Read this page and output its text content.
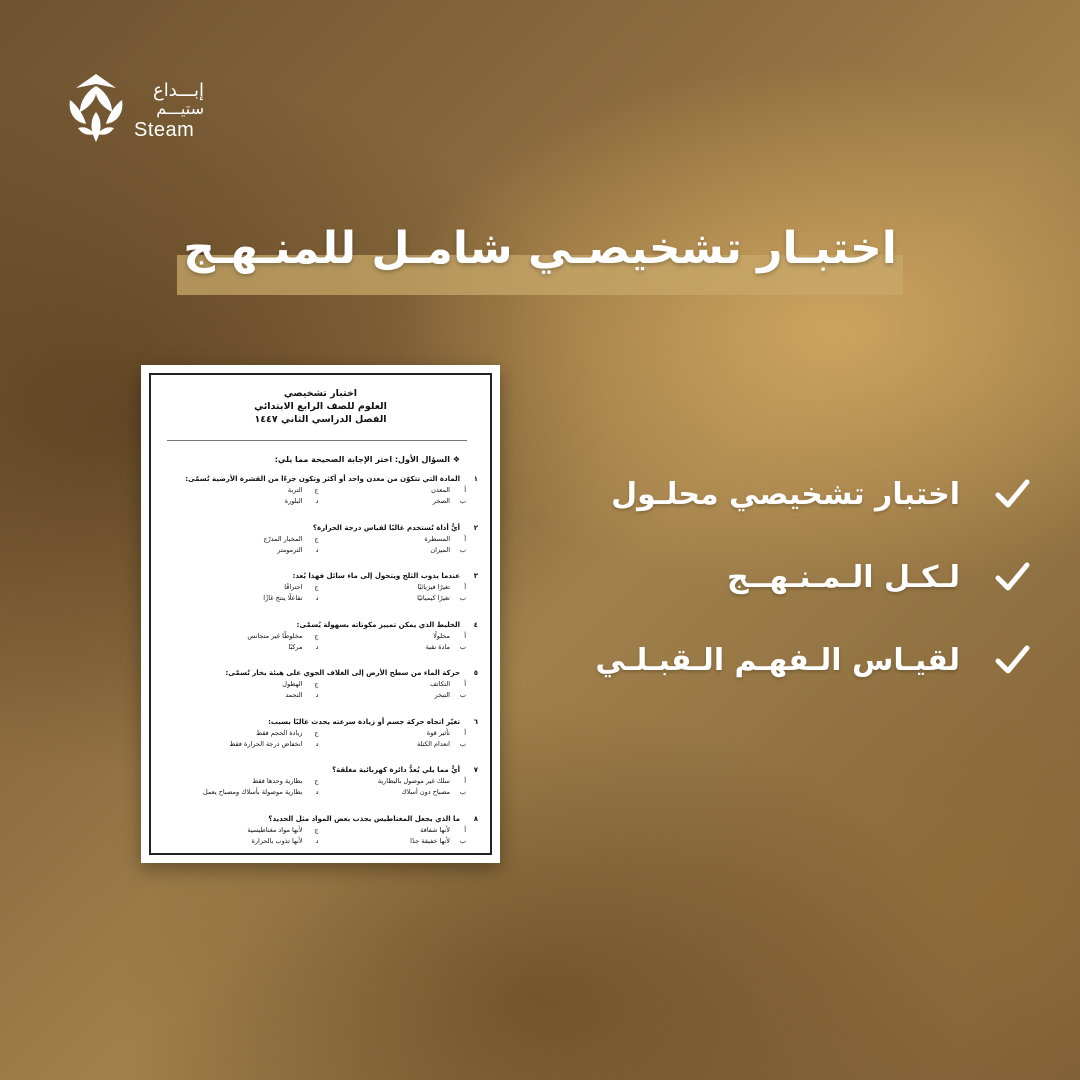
إبـــداع
ستيـــم
Steam
اختبـار تشخيصـي شامـل للمنـهـج
اختبار تشخيصي
العلوم للصف الرابع الابتدائي
الفصل الدراسي الثاني ١٤٤٧
❖ السؤال الأول: اختر الإجابة الصحيحة مما يلي:
١المادة التي تتكوّن من معدن واحد أو أكثر وتكون جزءًا من القشرة الأرضية تُسمّى:
أالمعدن
جالتربة
بالصخر
دالبلورة
٢أيُّ أداة تُستخدم غالبًا لقياس درجة الحرارة؟
أالمسطرة
جالمخبار المدرّج
بالميزان
دالترمومتر
٣عندما يذوب الثلج ويتحول إلى ماء سائل فهذا يُعد:
أتغيرًا فيزيائيًا
جاحتراقًا
بتغيرًا كيميائيًا
دتفاعلًا ينتج غازًا
٤الخليط الذي يمكن تمييز مكوناته بسهولة يُسمّى:
أمحلولًا
جمخلوطًا غير متجانس
بمادة نقية
دمركبًا
٥حركة الماء من سطح الأرض إلى الغلاف الجوي على هيئة بخار تُسمّى:
أالتكاثف
جالهطول
بالتبخر
دالتجمد
٦تغيّر اتجاه حركة جسم أو زيادة سرعته يحدث غالبًا بسبب:
أتأثير قوة
جزيادة الحجم فقط
بانعدام الكتلة
دانخفاض درجة الحرارة فقط
٧أيٌّ مما يلي يُعدُّ دائرة كهربائية مغلقة؟
أسلك غير موصول بالبطارية
جبطارية وحدها فقط
بمصباح دون أسلاك
دبطارية موصولة بأسلاك ومصباح يعمل
٨ما الذي يجعل المغناطيس يجذب بعض المواد مثل الحديد؟
ألأنها شفافة
جلأنها مواد مغناطيسية
بلأنها خفيفة جدًا
دلأنها تذوب بالحرارة
اختبار تشخيصي محلـول
لـكـل الـمـنـهــج
لقيـاس الـفهـم الـقبـلـي
